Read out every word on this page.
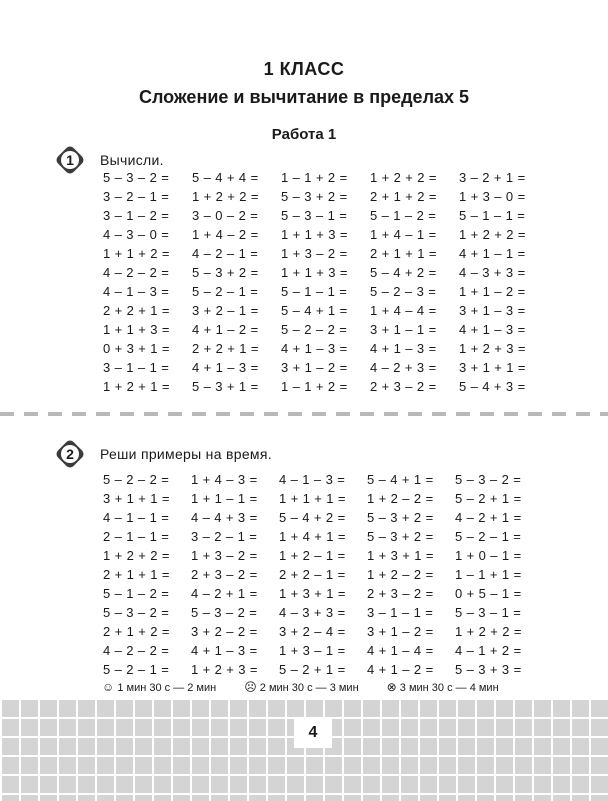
1 КЛАСС
Сложение и вычитание в пределах 5
Работа 1
1	Вычисли.
5 – 3 – 2 =	5 – 4 + 4 =	1 – 1 + 2 =	1 + 2 + 2 =	3 – 2 + 1 =
3 – 2 – 1 =	1 + 2 + 2 =	5 – 3 + 2 =	2 + 1 + 2 =	1 + 3 – 0 =
3 – 1 – 2 =	3 – 0 – 2 =	5 – 3 – 1 =	5 – 1 – 2 =	5 – 1 – 1 =
4 – 3 – 0 =	1 + 4 – 2 =	1 + 1 + 3 =	1 + 4 – 1 =	1 + 2 + 2 =
1 + 1 + 2 =	4 – 2 – 1 =	1 + 3 – 2 =	2 + 1 + 1 =	4 + 1 – 1 =
4 – 2 – 2 =	5 – 3 + 2 =	1 + 1 + 3 =	5 – 4 + 2 =	4 – 3 + 3 =
4 – 1 – 3 =	5 – 2 – 1 =	5 – 1 – 1 =	5 – 2 – 3 =	1 + 1 – 2 =
2 + 2 + 1 =	3 + 2 – 1 =	5 – 4 + 1 =	1 + 4 – 4 =	3 + 1 – 3 =
1 + 1 + 3 =	4 + 1 – 2 =	5 – 2 – 2 =	3 + 1 – 1 =	4 + 1 – 3 =
0 + 3 + 1 =	2 + 2 + 1 =	4 + 1 – 3 =	4 + 1 – 3 =	1 + 2 + 3 =
3 – 1 – 1 =	4 + 1 – 3 =	3 + 1 – 2 =	4 – 2 + 3 =	3 + 1 + 1 =
1 + 2 + 1 =	5 – 3 + 1 =	1 – 1 + 2 =	2 + 3 – 2 =	5 – 4 + 3 =
2	Реши примеры на время.
5 – 2 – 2 =	1 + 4 – 3 =	4 – 1 – 3 =	5 – 4 + 1 =	5 – 3 – 2 =
3 + 1 + 1 =	1 + 1 – 1 =	1 + 1 + 1 =	1 + 2 – 2 =	5 – 2 + 1 =
4 – 1 – 1 =	4 – 4 + 3 =	5 – 4 + 2 =	5 – 3 + 2 =	4 – 2 + 1 =
2 – 1 – 1 =	3 – 2 – 1 =	1 + 4 + 1 =	5 – 3 + 2 =	5 – 2 – 1 =
1 + 2 + 2 =	1 + 3 – 2 =	1 + 2 – 1 =	1 + 3 + 1 =	1 + 0 – 1 =
2 + 1 + 1 =	2 + 3 – 2 =	2 + 2 – 1 =	1 + 2 – 2 =	1 – 1 + 1 =
5 – 1 – 2 =	4 – 2 + 1 =	1 + 3 + 1 =	2 + 3 – 2 =	0 + 5 – 1 =
5 – 3 – 2 =	5 – 3 – 2 =	4 – 3 + 3 =	3 – 1 – 1 =	5 – 3 – 1 =
2 + 1 + 2 =	3 + 2 – 2 =	3 + 2 – 4 =	3 + 1 – 2 =	1 + 2 + 2 =
4 – 2 – 2 =	4 + 1 – 3 =	1 + 3 – 1 =	4 + 1 – 4 =	4 – 1 + 2 =
5 – 2 – 1 =	1 + 2 + 3 =	5 – 2 + 1 =	4 + 1 – 2 =	5 – 3 + 3 =
☺ 1 мин 30 с — 2 мин ☹ 2 мин 30 с — 3 мин ⊗ 3 мин 30 с — 4 мин
4
